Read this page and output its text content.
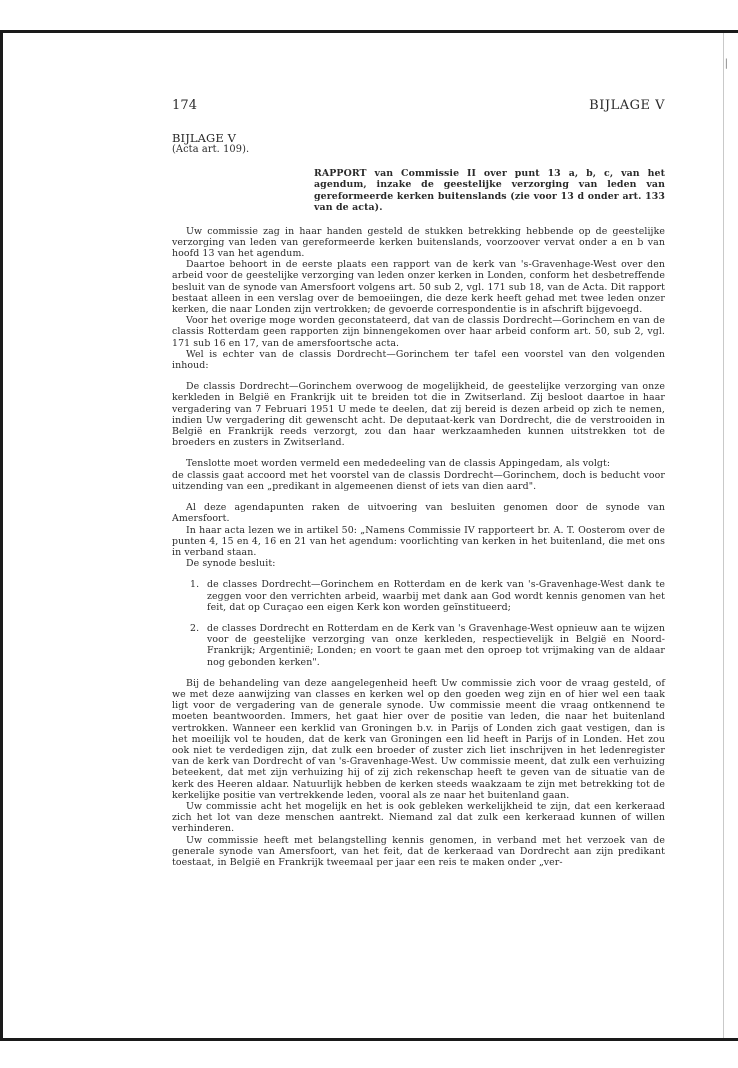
|
174	BIJLAGE V
BIJLAGE V
(Acta art. 109).
RAPPORT van Commissie II over punt 13 a, b, c, van het agendum, inzake de geestelijke verzorging van leden van gereformeerde kerken buitenslands (zie voor 13 d onder art. 133 van de acta).

Uw commissie zag in haar handen gesteld de stukken betrekking hebbende op de geestelijke verzorging van leden van gereformeerde kerken buitenslands, voorzoover vervat onder a en b van hoofd 13 van het agendum.

Daartoe behoort in de eerste plaats een rapport van de kerk van 's-Gravenhage-West over den arbeid voor de geestelijke verzorging van leden onzer kerken in Londen, conform het desbetreffende besluit van de synode van Amersfoort volgens art. 50 sub 2, vgl. 171 sub 18, van de Acta. Dit rapport bestaat alleen in een verslag over de bemoeiingen, die deze kerk heeft gehad met twee leden onzer kerken, die naar Londen zijn vertrokken; de gevoerde correspondentie is in afschrift bijgevoegd.

Voor het overige moge worden geconstateerd, dat van de classis Dordrecht—Gorinchem en van de classis Rotterdam geen rapporten zijn binnengekomen over haar arbeid conform art. 50, sub 2, vgl. 171 sub 16 en 17, van de amersfoortsche acta.

Wel is echter van de classis Dordrecht—Gorinchem ter tafel een voorstel van den volgenden inhoud:

De classis Dordrecht—Gorinchem overwoog de mogelijkheid, de geestelijke verzorging van onze kerkleden in België en Frankrijk uit te breiden tot die in Zwitserland. Zij besloot daartoe in haar vergadering van 7 Februari 1951 U mede te deelen, dat zij bereid is dezen arbeid op zich te nemen, indien Uw vergadering dit gewenscht acht. De deputaat-kerk van Dordrecht, die de verstrooiden in België en Frankrijk reeds verzorgt, zou dan haar werkzaamheden kunnen uitstrekken tot de broeders en zusters in Zwitserland.

Tenslotte moet worden vermeld een mededeeling van de classis Appingedam, als volgt:

de classis gaat accoord met het voorstel van de classis Dordrecht—Gorinchem, doch is beducht voor uitzending van een „predikant in algemeenen dienst of iets van dien aard".

Al deze agendapunten raken de uitvoering van besluiten genomen door de synode van Amersfoort.

In haar acta lezen we in artikel 50: „Namens Commissie IV rapporteert br. A. T. Oosterom over de punten 4, 15 en 4, 16 en 21 van het agendum: voorlichting van kerken in het buitenland, die met ons in verband staan.

De synode besluit:

1. de classes Dordrecht—Gorinchem en Rotterdam en de kerk van 's-Gravenhage-West dank te zeggen voor den verrichten arbeid, waarbij met dank aan God wordt kennis genomen van het feit, dat op Curaçao een eigen Kerk kon worden geïnstitueerd;
2. de classes Dordrecht en Rotterdam en de Kerk van 's Gravenhage-West opnieuw aan te wijzen voor de geestelijke verzorging van onze kerkleden, respectievelijk in België en Noord-Frankrijk; Argentinië; Londen; en voort te gaan met den oproep tot vrijmaking van de aldaar nog gebonden kerken".

Bij de behandeling van deze aangelegenheid heeft Uw commissie zich voor de vraag gesteld, of we met deze aanwijzing van classes en kerken wel op den goeden weg zijn en of hier wel een taak ligt voor de vergadering van de generale synode. Uw commissie meent die vraag ontkennend te moeten beantwoorden. Immers, het gaat hier over de positie van leden, die naar het buitenland vertrokken. Wanneer een kerklid van Groningen b.v. in Parijs of Londen zich gaat vestigen, dan is het moeilijk vol te houden, dat de kerk van Groningen een lid heeft in Parijs of in Londen. Het zou ook niet te verdedigen zijn, dat zulk een broeder of zuster zich liet inschrijven in het ledenregister van de kerk van Dordrecht of van 's-Gravenhage-West. Uw commissie meent, dat zulk een verhuizing beteekent, dat met zijn verhuizing hij of zij zich rekenschap heeft te geven van de situatie van de kerk des Heeren aldaar. Natuurlijk hebben de kerken steeds waakzaam te zijn met betrekking tot de kerkelijke positie van vertrekkende leden, vooral als ze naar het buitenland gaan.

Uw commissie acht het mogelijk en het is ook gebleken werkelijkheid te zijn, dat een kerkeraad zich het lot van deze menschen aantrekt. Niemand zal dat zulk een kerkeraad kunnen of willen verhinderen.

Uw commissie heeft met belangstelling kennis genomen, in verband met het verzoek van de generale synode van Amersfoort, van het feit, dat de kerkeraad van Dordrecht aan zijn predikant toestaat, in België en Frankrijk tweemaal per jaar een reis te maken onder „ver-
